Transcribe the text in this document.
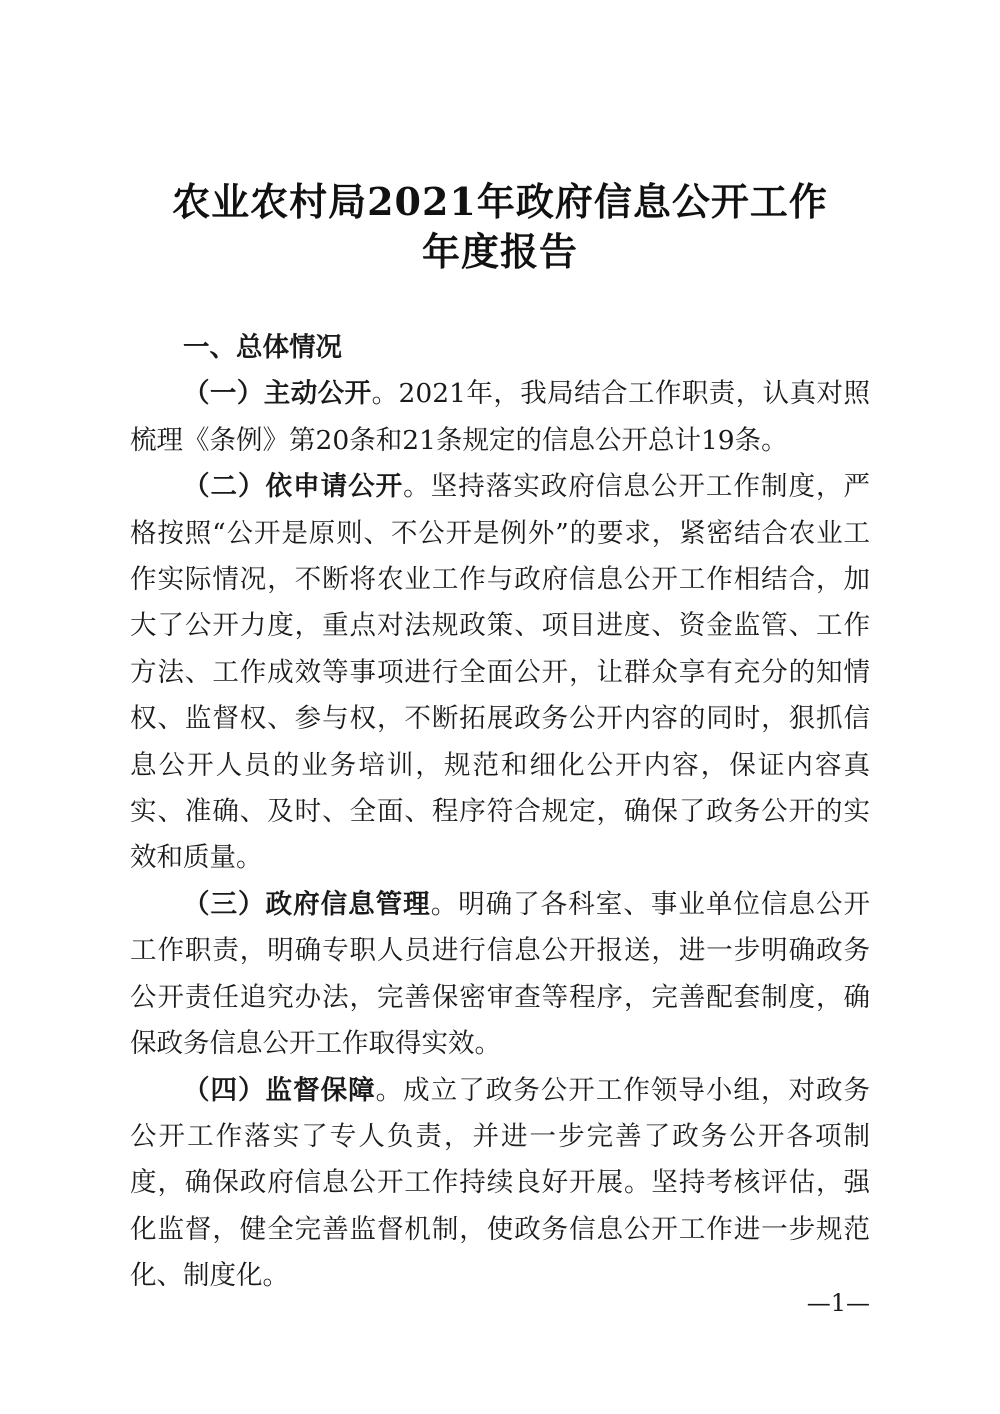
农业农村局2021年政府信息公开工作
年度报告

一、总体情况

（一）主动公开。2021年，我局结合工作职责，认真对照梳理《条例》第20条和21条规定的信息公开总计19条。

（二）依申请公开。坚持落实政府信息公开工作制度，严格按照“公开是原则、不公开是例外”的要求，紧密结合农业工作实际情况，不断将农业工作与政府信息公开工作相结合，加大了公开力度，重点对法规政策、项目进度、资金监管、工作方法、工作成效等事项进行全面公开，让群众享有充分的知情权、监督权、参与权，不断拓展政务公开内容的同时，狠抓信息公开人员的业务培训，规范和细化公开内容，保证内容真实、准确、及时、全面、程序符合规定，确保了政务公开的实效和质量。

（三）政府信息管理。明确了各科室、事业单位信息公开工作职责，明确专职人员进行信息公开报送，进一步明确政务公开责任追究办法，完善保密审查等程序，完善配套制度，确保政务信息公开工作取得实效。

（四）监督保障。成立了政务公开工作领导小组，对政务公开工作落实了专人负责，并进一步完善了政务公开各项制度，确保政府信息公开工作持续良好开展。坚持考核评估，强化监督，健全完善监督机制，使政务信息公开工作进一步规范化、制度化。

—1—
